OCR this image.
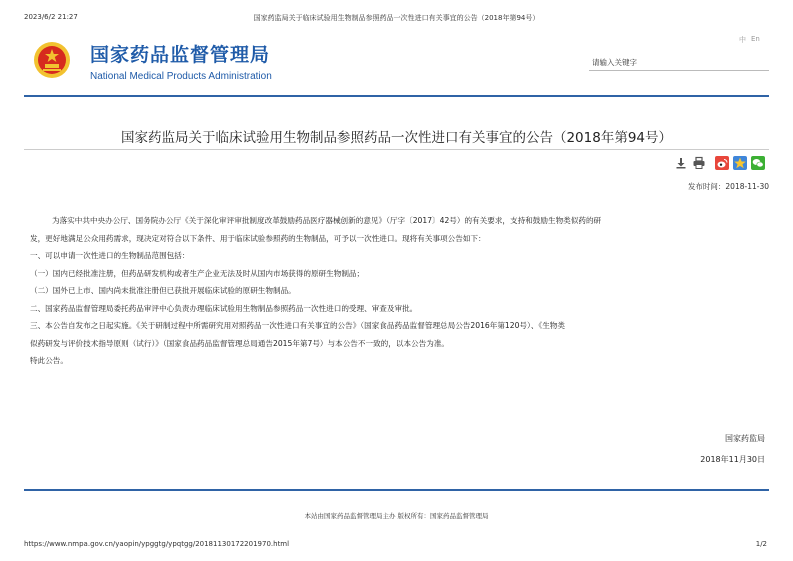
2023/6/2 21:27	国家药监局关于临床试验用生物制品参照药品一次性进口有关事宜的公告（2018年第94号）
国家药品监督管理局
National Medical Products Administration
中 En
请输入关键字
国家药监局关于临床试验用生物制品参照药品一次性进口有关事宜的公告（2018年第94号）
发布时间：2018-11-30

为落实中共中央办公厅、国务院办公厅《关于深化审评审批制度改革鼓励药品医疗器械创新的意见》（厅字〔2017〕42号）的有关要求，支持和鼓励生物类似药的研

发，更好地满足公众用药需求，现决定对符合以下条件、用于临床试验参照药的生物制品，可予以一次性进口。现将有关事项公告如下：

一、可以申请一次性进口的生物制品范围包括：

（一）国内已经批准注册，但药品研发机构或者生产企业无法及时从国内市场获得的原研生物制品；

（二）国外已上市、国内尚未批准注册但已获批开展临床试验的原研生物制品。

二、国家药品监督管理局委托药品审评中心负责办理临床试验用生物制品参照药品一次性进口的受理、审查及审批。

三、本公告自发布之日起实施。《关于研制过程中所需研究用对照药品一次性进口有关事宜的公告》（国家食品药品监督管理总局公告2016年第120号）、《生物类

似药研发与评价技术指导原则（试行）》（国家食品药品监督管理总局通告2015年第7号）与本公告不一致的，以本公告为准。

特此公告。

国家药监局
2018年11月30日
本站由国家药品监督管理局主办 版权所有：国家药品监督管理局
https://www.nmpa.gov.cn/yaopin/ypggtg/ypqtgg/20181130172201970.html	1/2
